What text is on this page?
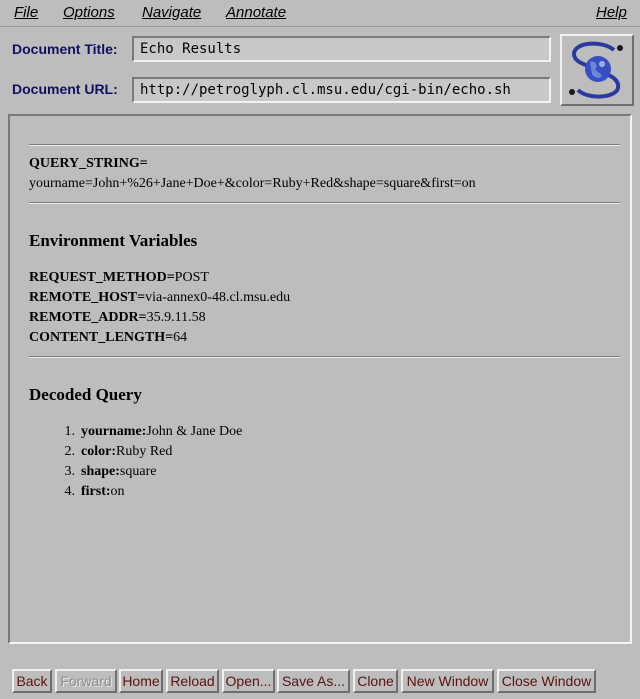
File Options Navigate Annotate	Help
Document Title:	Echo Results
Document URL:	http://petroglyph.cl.msu.edu/cgi-bin/echo.sh
QUERY_STRING=
yourname=John+%26+Jane+Doe+&color=Ruby+Red&shape=square&first=on
Environment Variables
REQUEST_METHOD=POST
REMOTE_HOST=via-annex0-48.cl.msu.edu
REMOTE_ADDR=35.9.11.58
CONTENT_LENGTH=64
Decoded Query
1. yourname:John & Jane Doe
2. color:Ruby Red
3. shape:square
4. first:on
Back Forward Home Reload Open... Save As... Clone New Window Close Window
